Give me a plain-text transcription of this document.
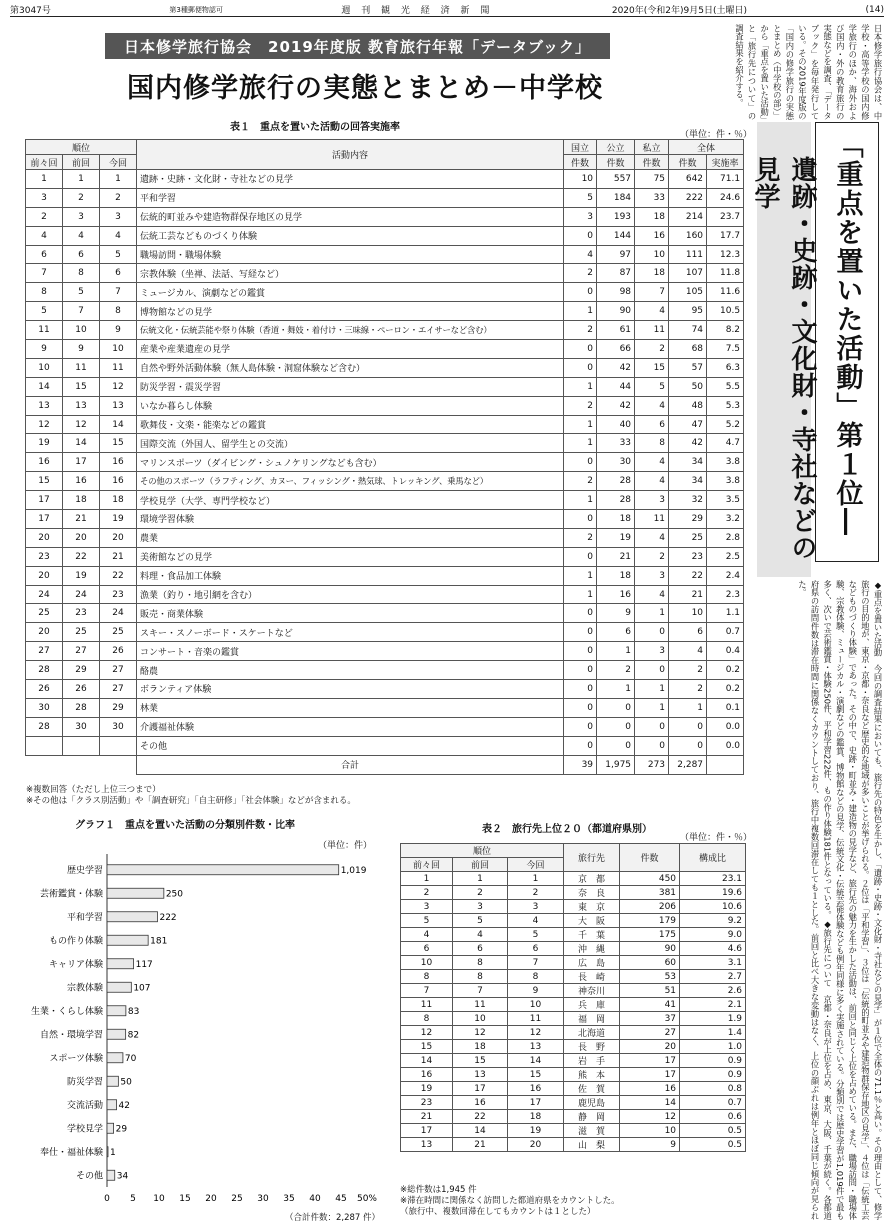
第3047号	第3種郵便物認可	週 刊 観 光 経 済 新 聞	2020年(令和2年)9月5日(土曜日)	(14)
日本修学旅行協会　2019年度版 教育旅行年報「データブック」
国内修学旅行の実態とまとめ－中学校
表１　重点を置いた活動の回答実施率
（単位：件・％）
順位			活動内容	国立	公立	私立	全体	
前々回	前回	今回		件数	件数	件数	件数	実施率
1	1	1	遺跡・史跡・文化財・寺社などの見学	10	557	75	642	71.1
3	2	2	平和学習	5	184	33	222	24.6
2	3	3	伝統的町並みや建造物群保存地区の見学	3	193	18	214	23.7
4	4	4	伝統工芸などものづくり体験	0	144	16	160	17.7
6	6	5	職場訪問・職場体験	4	97	10	111	12.3
7	8	6	宗教体験（坐禅、法話、写経など）	2	87	18	107	11.8
8	5	7	ミュージカル、演劇などの鑑賞	0	98	7	105	11.6
5	7	8	博物館などの見学	1	90	4	95	10.5
11	10	9	伝統文化・伝統芸能や祭り体験（香道・舞妓・着付け・三味線・ペーロン・エイサーなど含む）	2	61	11	74	8.2
9	9	10	産業や産業遺産の見学	0	66	2	68	7.5
10	11	11	自然や野外活動体験（無人島体験・洞窟体験など含む）	0	42	15	57	6.3
14	15	12	防災学習・震災学習	1	44	5	50	5.5
13	13	13	いなか暮らし体験	2	42	4	48	5.3
12	12	14	歌舞伎・文楽・能楽などの鑑賞	1	40	6	47	5.2
19	14	15	国際交流（外国人、留学生との交流）	1	33	8	42	4.7
16	17	16	マリンスポーツ（ダイビング・シュノケリングなども含む）	0	30	4	34	3.8
15	16	16	その他のスポーツ（ラフティング、カヌー、フィッシング・熱気球、トレッキング、乗馬など）	2	28	4	34	3.8
17	18	18	学校見学（大学、専門学校など）	1	28	3	32	3.5
17	21	19	環境学習体験	0	18	11	29	3.2
20	20	20	農業	2	19	4	25	2.8
23	22	21	美術館などの見学	0	21	2	23	2.5
20	19	22	料理・食品加工体験	1	18	3	22	2.4
24	24	23	漁業（釣り・地引網を含む）	1	16	4	21	2.3
25	23	24	販売・商業体験	0	9	1	10	1.1
20	25	25	スキー・スノーボード・スケートなど	0	6	0	6	0.7
27	27	26	コンサート・音楽の鑑賞	0	1	3	4	0.4
28	29	27	酪農	0	2	0	2	0.2
26	26	27	ボランティア体験	0	1	1	2	0.2
30	28	29	林業	0	0	1	1	0.1
28	30	30	介護福祉体験	0	0	0	0	0.0
			その他	0	0	0	0	0.0
			合計	39	1,975	273	2,287	
※複数回答（ただし上位三つまで）
※その他は「クラス別活動」や「調査研究」「自主研修」「社会体験」などが含まれる。
グラフ１　重点を置いた活動の分類別件数・比率
（単位：件）
歴史学習	1,019
芸術鑑賞・体験	250
平和学習	222
もの作り体験	181
キャリア体験	117
宗教体験	107
生業・くらし体験	83
自然・環境学習	82
スポーツ体験 70
防災学習 50
交流活動 42
学校見学 29
奉仕・福祉体験 1
その他 34
0 5 10 15 20 25 30 35 40 45 50%
（合計件数：2,287 件）
表２　旅行先上位２０（都道府県別）
（単位：件・％）
順位			旅行先	件数	構成比
前々回	前回	今回			
1	1	1	京　都	450	23.1
2	2	2	奈　良	381	19.6
3	3	3	東　京	206	10.6
5	5	4	大　阪	179	9.2
4	4	5	千　葉	175	9.0
6	6	6	沖　縄	90	4.6
10	8	7	広　島	60	3.1
8	8	8	長　崎	53	2.7
7	7	9	神奈川	51	2.6
11	11	10	兵　庫	41	2.1
8	10	11	福　岡	37	1.9
12	12	12	北海道	27	1.4
15	18	13	長　野	20	1.0
14	15	14	岩　手	17	0.9
16	13	15	熊　本	17	0.9
19	17	16	佐　賀	16	0.8
23	16	17	鹿児島	14	0.7
21	22	18	静　岡	12	0.6
17	14	19	滋　賀	10	0.5
13	21	20	山　梨	9	0.5
※総件数は1,945 件
※滞在時間に関係なく訪問した都道府県をカウントした。
（旅行中、複数回滞在してもカウントは１とした）
日本修学旅行協会は、中学校・高等学校の国内修学旅行のほか、海外および国内・外の教育旅行の実態などを調査、「データブック」を毎年発行している。その2019年度版の「国内の修学旅行の実態とまとめ（中学校の部）」から「重点を置いた活動」と「旅行先について」の調査結果を紹介する。
「重点を置いた活動」第１位―
遺跡・史跡・文化財・寺社などの見学
◆重点を置いた活動　今回の調査結果においても、旅行先の特色を生かし、「遺跡・史跡・文化財・寺社などの見学」が１位で全体の71.1％と高い。その理由として、修学旅行の目的地が、東京・京都・奈良など歴史的な地域が多いことが挙げられる。２位は「平和学習」、３位は「伝統的町並みや建造物群保存地区の見学」、４位は「伝統工芸などものづくり体験」であった。その中で、史跡・町並み・建造物の見学など、旅行先の魅力を生かした活動は、前回と同じく上位を占めている。また、職場訪問・職場体験、宗教体験、ミュージカル・演劇などの鑑賞、博物館などの見学、伝統文化・伝統芸能体験なども例年同様に多く実施されている。分類別では歴史学習が1,019件で最も多く、次いで芸術鑑賞・体験250件、平和学習222件、もの作り体験181件となっている。◆旅行先について　京都・奈良が上位を占め、東京、大阪、千葉が続く。各都道府県の訪問件数は滞在時間に関係なくカウントしており、旅行中複数回滞在しても１とした。前回と比べ大きな変動はなく、上位の顔ぶれは例年とほぼ同じ傾向が見られた。
